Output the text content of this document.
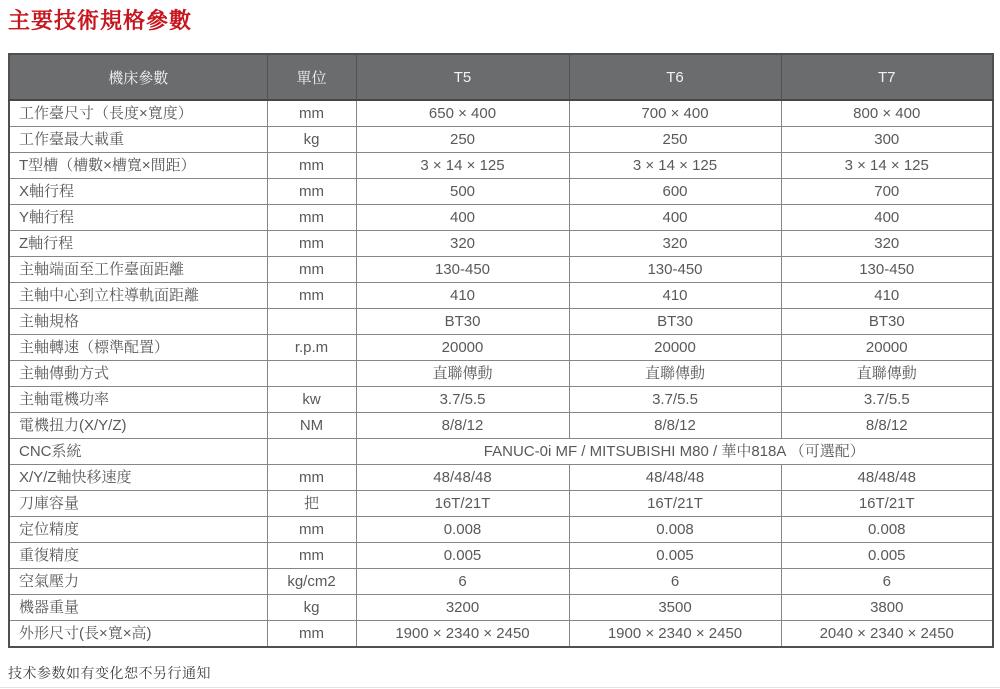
主要技術規格參數
機床參數	單位	T5	T6	T7
工作臺尺寸（長度×寬度）	mm	650 × 400	700 × 400	800 × 400
工作臺最大載重	kg	250	250	300
T型槽（槽數×槽寬×間距）	mm	3 × 14 × 125	3 × 14 × 125	3 × 14 × 125
X軸行程	mm	500	600	700
Y軸行程	mm	400	400	400
Z軸行程	mm	320	320	320
主軸端面至工作臺面距離	mm	130-450	130-450	130-450
主軸中心到立柱導軌面距離	mm	410	410	410
主軸規格		BT30	BT30	BT30
主軸轉速（標準配置）	r.p.m	20000	20000	20000
主軸傳動方式		直聯傳動	直聯傳動	直聯傳動
主軸電機功率	kw	3.7/5.5	3.7/5.5	3.7/5.5
電機扭力(X/Y/Z)	NM	8/8/12	8/8/12	8/8/12
CNC系統		FANUC-0i MF / MITSUBISHI M80 / 華中818A （可選配）		
X/Y/Z軸快移速度	mm	48/48/48	48/48/48	48/48/48
刀庫容量	把	16T/21T	16T/21T	16T/21T
定位精度	mm	0.008	0.008	0.008
重復精度	mm	0.005	0.005	0.005
空氣壓力	kg/cm2	6	6	6
機器重量	kg	3200	3500	3800
外形尺寸(長×寬×高)	mm	1900 × 2340 × 2450	1900 × 2340 × 2450	2040 × 2340 × 2450

技术参数如有变化恕不另行通知
